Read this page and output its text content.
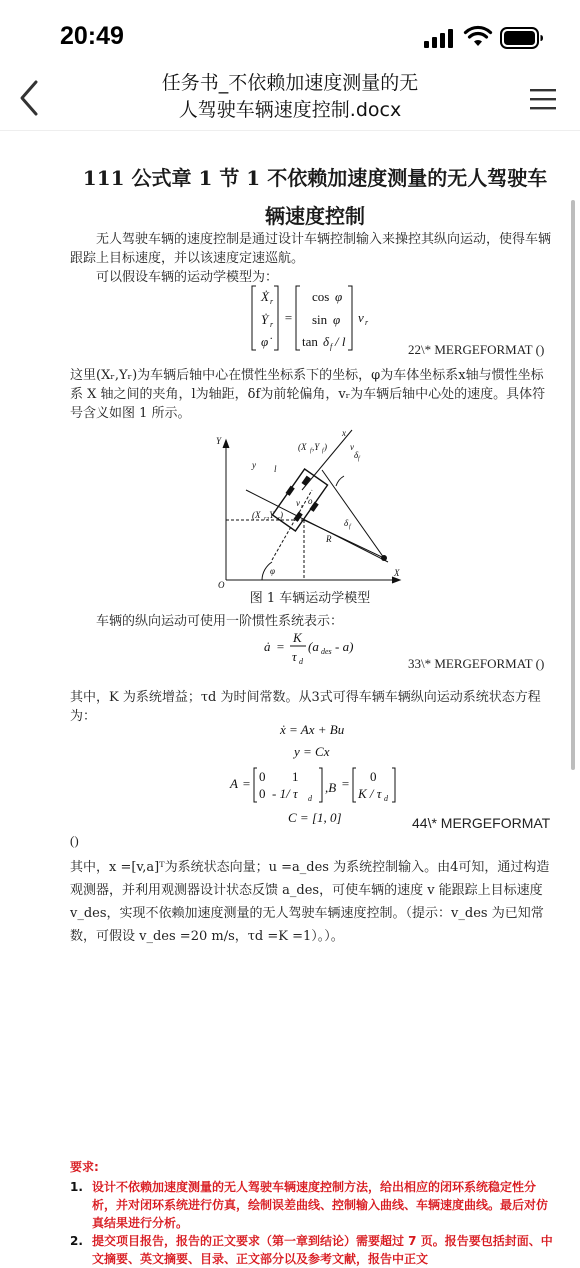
20:49
任务书_不依赖加速度测量的无
人驾驶车辆速度控制.docx
111 公式章 1 节 1 不依赖加速度测量的无人驾驶车
辆速度控制
无人驾驶车辆的速度控制是通过设计车辆控制输入来操控其纵向运动，使得车辆跟踪上目标速度，并以该速度定速巡航。
可以假设车辆的运动学模型为：
Ẋ r
Ẏ r
φ̇
=
cos φ
sin φ
tan δ f / l
v r
22\* MERGEFORMAT ()
这里(Xᵣ,Yᵣ)为车辆后轴中心在惯性坐标系下的坐标，φ为车体坐标系x轴与惯性坐标系 X 轴之间的夹角，l为轴距，δf为前轮偏角，vᵣ为车辆后轴中心处的速度。具体符号含义如图 1 所示。
Y
X
O
(X r ,Y r )
(X f ,Y f )
y l
x
v
δ f
v r
o
δ f
R
φ
图 1 车辆运动学模型
车辆的纵向运动可使用一阶惯性系统表示：
ȧ =
K
τ d
(a des - a)
33\* MERGEFORMAT ()
其中，K 为系统增益；τd 为时间常数。从3式可得车辆车辆纵向运动系统状态方程为：
ẋ = Ax + Bu
y = Cx
A = 0 1
0 - 1/ τ d
,B = 0
K / τ d
C = [1, 0]	44\* MERGEFORMAT
()
其中，x =[v,a]ᵀ为系统状态向量；u =a_des 为系统控制输入。由4可知，通过构造观测器，并利用观测器设计状态反馈 a_des，可使车辆的速度 v 能跟踪上目标速度 v_des，实现不依赖加速度测量的无人驾驶车辆速度控制。（提示：v_des 为已知常数，可假设 v_des =20 m/s，τd =K =1）。）。
要求:
1. 设计不依赖加速度测量的无人驾驶车辆速度控制方法，给出相应的闭环系统稳定性分析，并对闭环系统进行仿真，绘制误差曲线、控制输入曲线、车辆速度曲线。最后对仿真结果进行分析。
2. 提交项目报告，报告的正文要求（第一章到结论）需要超过 7 页。报告要包括封面、中文摘要、英文摘要、目录、正文部分以及参考文献，报告中正文
